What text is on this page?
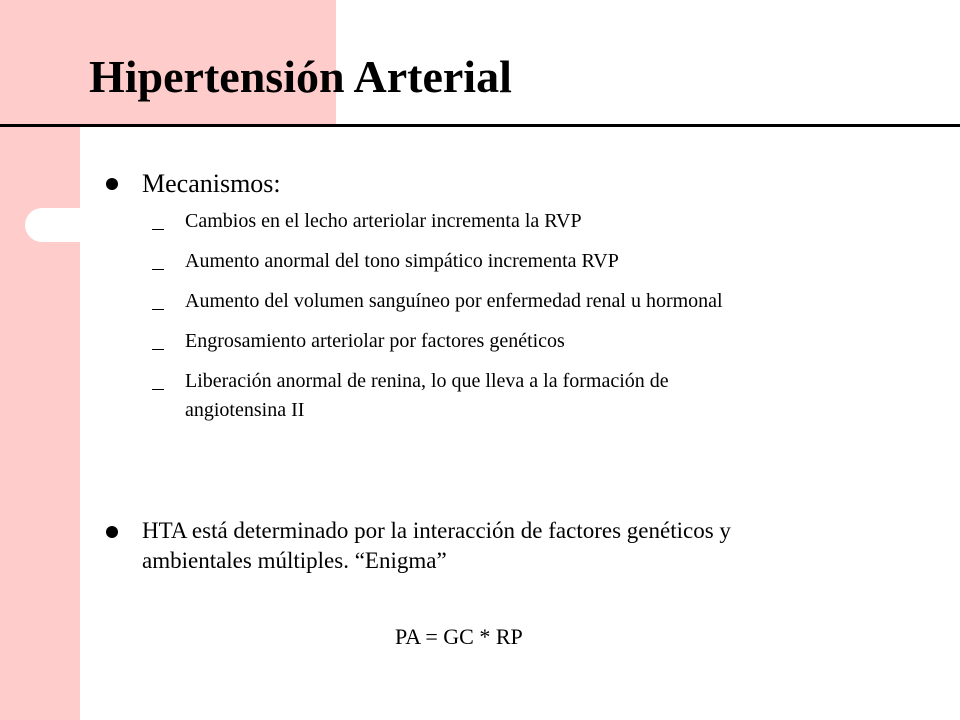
Hipertensión Arterial
Mecanismos:
Cambios en el lecho arteriolar incrementa la RVP
Aumento anormal del tono simpático incrementa RVP
Aumento del volumen sanguíneo por enfermedad renal u hormonal
Engrosamiento arteriolar por factores genéticos
Liberación anormal de renina, lo que lleva a la formación de
angiotensina II
HTA está determinado por la interacción de factores genéticos y
ambientales múltiples. “Enigma”
PA = GC * RP
